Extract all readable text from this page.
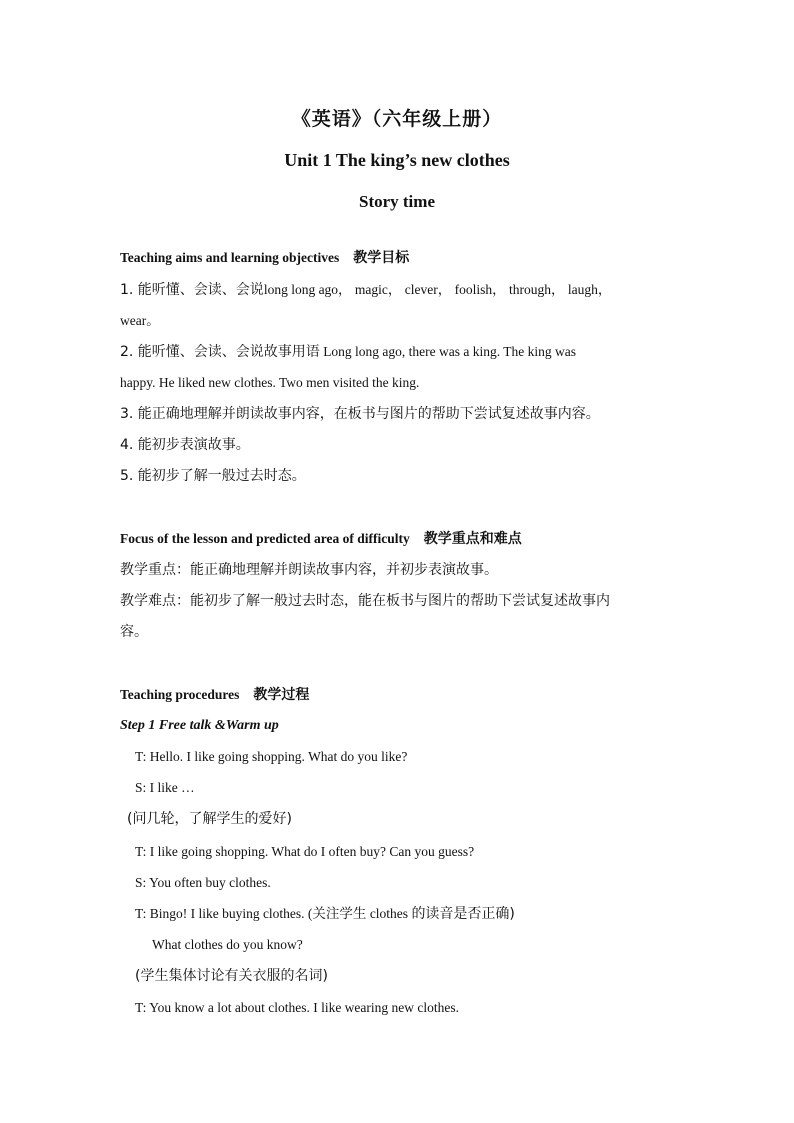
《英语》（六年级上册）
Unit 1 The king’s new clothes
Story time
Teaching aims and learning objectives 教学目标
1. 能听懂、会读、会说long long ago， magic， clever， foolish， through， laugh，
wear。
2. 能听懂、会读、会说故事用语 Long long ago, there was a king. The king was
happy. He liked new clothes. Two men visited the king.
3. 能正确地理解并朗读故事内容，在板书与图片的帮助下尝试复述故事内容。
4. 能初步表演故事。
5. 能初步了解一般过去时态。
Focus of the lesson and predicted area of difficulty 教学重点和难点
教学重点：能正确地理解并朗读故事内容，并初步表演故事。
教学难点：能初步了解一般过去时态，能在板书与图片的帮助下尝试复述故事内
容。
Teaching procedures 教学过程
Step 1 Free talk &Warm up
T: Hello. I like going shopping. What do you like?
S: I like …
(问几轮，了解学生的爱好)
T: I like going shopping. What do I often buy? Can you guess?
S: You often buy clothes.
T: Bingo! I like buying clothes. (关注学生 clothes 的读音是否正确)
What clothes do you know?
(学生集体讨论有关衣服的名词)
T: You know a lot about clothes. I like wearing new clothes.
